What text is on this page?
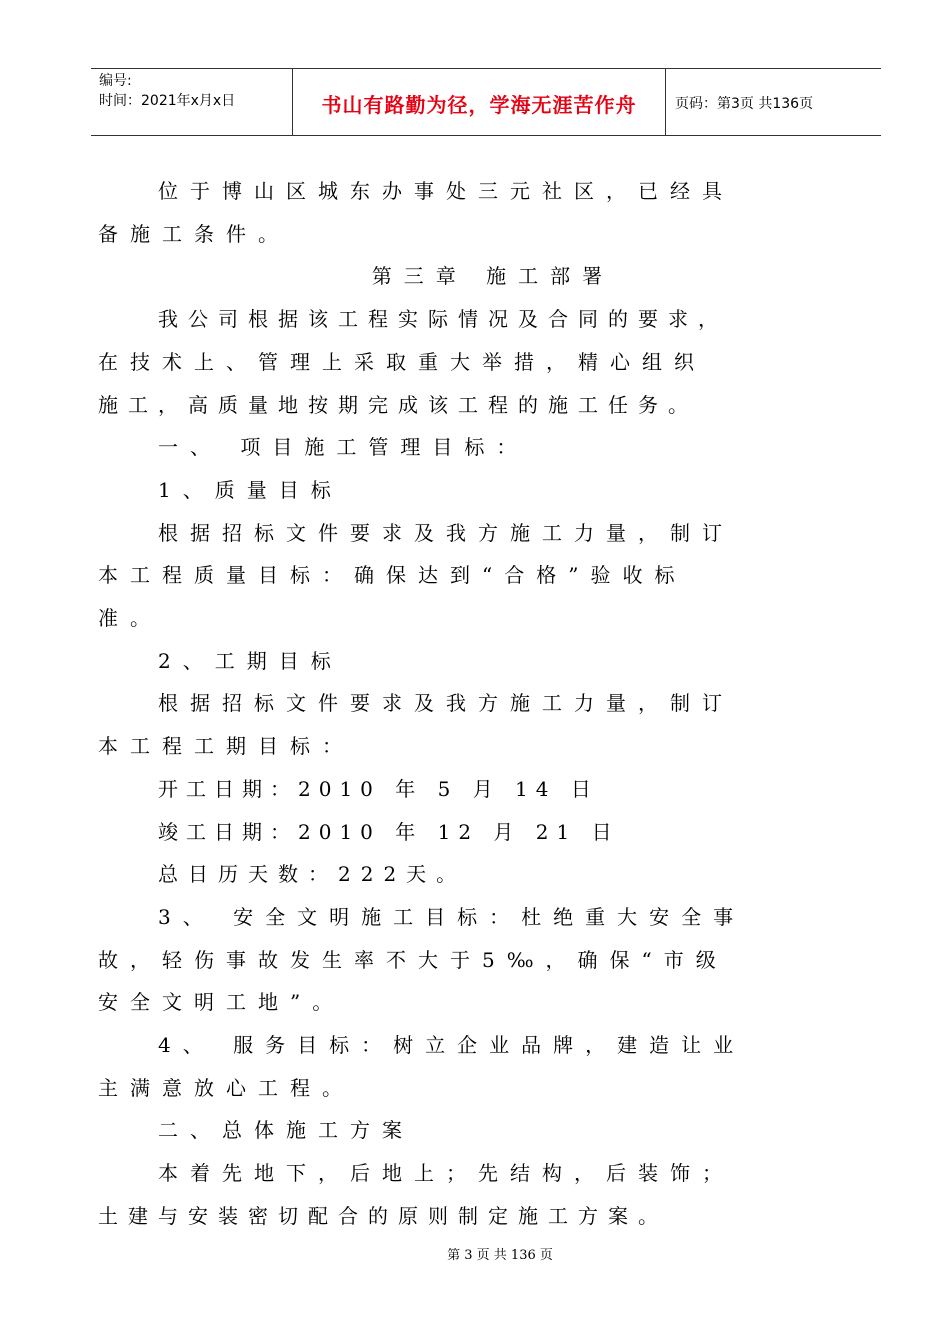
编号:
时间：2021年x月x日	书山有路勤为径，学海无涯苦作舟	页码：第3页 共136页
位于博山区城东办事处三元社区，已经具
备施工条件。
第三章 施工部署
我公司根据该工程实际情况及合同的要求，
在技术上、管理上采取重大举措，精心组织
施工，高质量地按期完成该工程的施工任务。
一、 项目施工管理目标：
1、质量目标
根据招标文件要求及我方施工力量，制订
本工程质量目标：确保达到“合格”验收标
准。
2、工期目标
根据招标文件要求及我方施工力量，制订
本工程工期目标：
开工日期：2010 年 5 月 14 日
竣工日期：2010 年 12 月 21 日
总日历天数：222天。
3、 安全文明施工目标：杜绝重大安全事
故，轻伤事故发生率不大于5‰，确保“市级
安全文明工地”。
4、 服务目标：树立企业品牌，建造让业
主满意放心工程。
二、总体施工方案
本着先地下，后地上；先结构，后装饰；
土建与安装密切配合的原则制定施工方案。
第 3 页 共 136 页
